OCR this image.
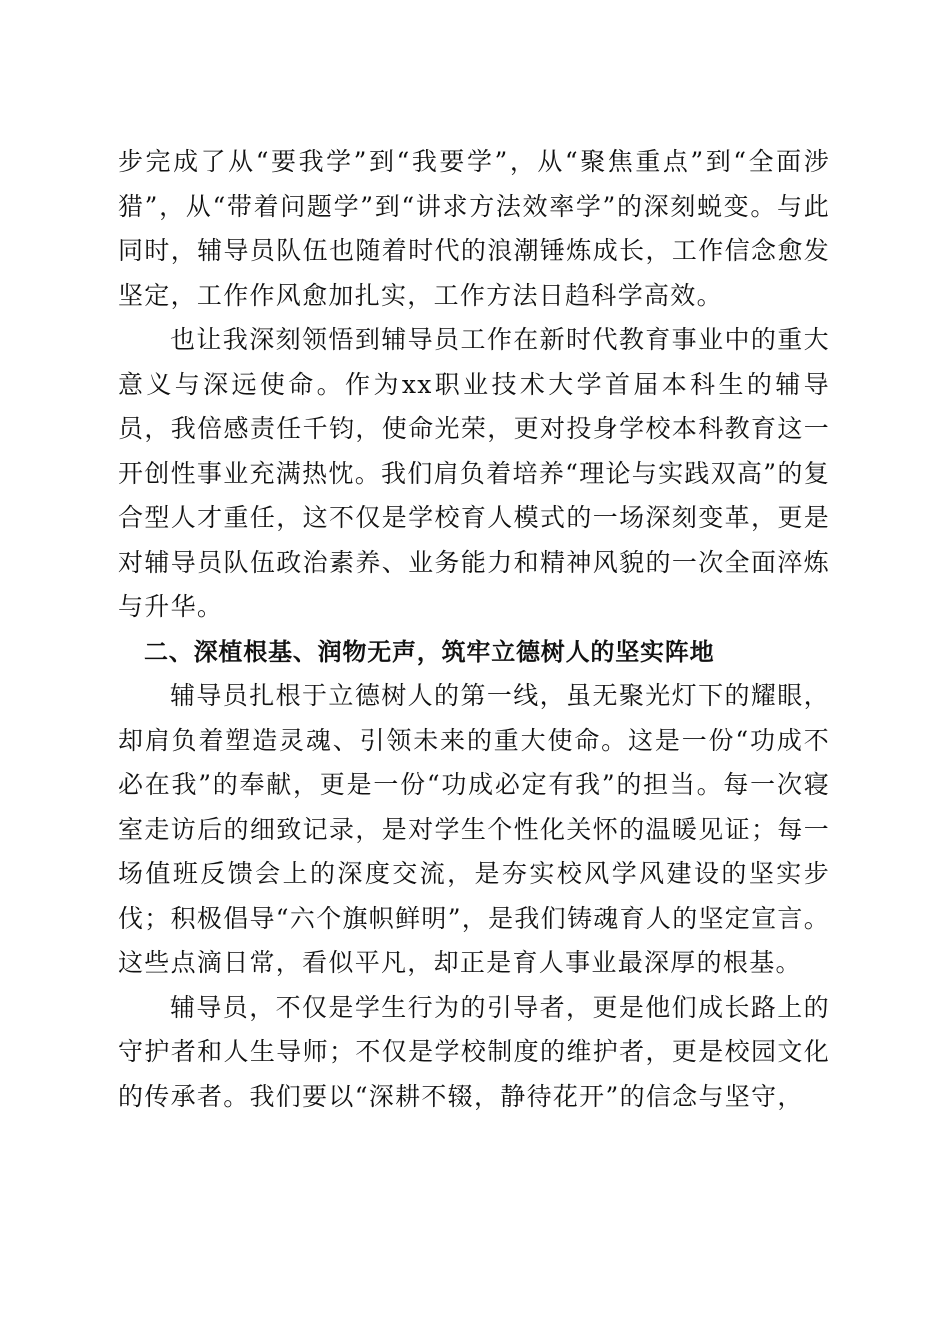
步完成了从“要我学”到“我要学”，从“聚焦重点”到“全面涉猎”，从“带着问题学”到“讲求方法效率学”的深刻蜕变。与此同时，辅导员队伍也随着时代的浪潮锤炼成长，工作信念愈发坚定，工作作风愈加扎实，工作方法日趋科学高效。

也让我深刻领悟到辅导员工作在新时代教育事业中的重大意义与深远使命。作为xx职业技术大学首届本科生的辅导员，我倍感责任千钧，使命光荣，更对投身学校本科教育这一开创性事业充满热忱。我们肩负着培养“理论与实践双高”的复合型人才重任，这不仅是学校育人模式的一场深刻变革，更是对辅导员队伍政治素养、业务能力和精神风貌的一次全面淬炼与升华。

二、深植根基、润物无声，筑牢立德树人的坚实阵地

辅导员扎根于立德树人的第一线，虽无聚光灯下的耀眼，却肩负着塑造灵魂、引领未来的重大使命。这是一份“功成不必在我”的奉献，更是一份“功成必定有我”的担当。每一次寝室走访后的细致记录，是对学生个性化关怀的温暖见证；每一场值班反馈会上的深度交流，是夯实校风学风建设的坚实步伐；积极倡导“六个旗帜鲜明”，是我们铸魂育人的坚定宣言。这些点滴日常，看似平凡，却正是育人事业最深厚的根基。

辅导员，不仅是学生行为的引导者，更是他们成长路上的守护者和人生导师；不仅是学校制度的维护者，更是校园文化的传承者。我们要以“深耕不辍，静待花开”的信念与坚守，
